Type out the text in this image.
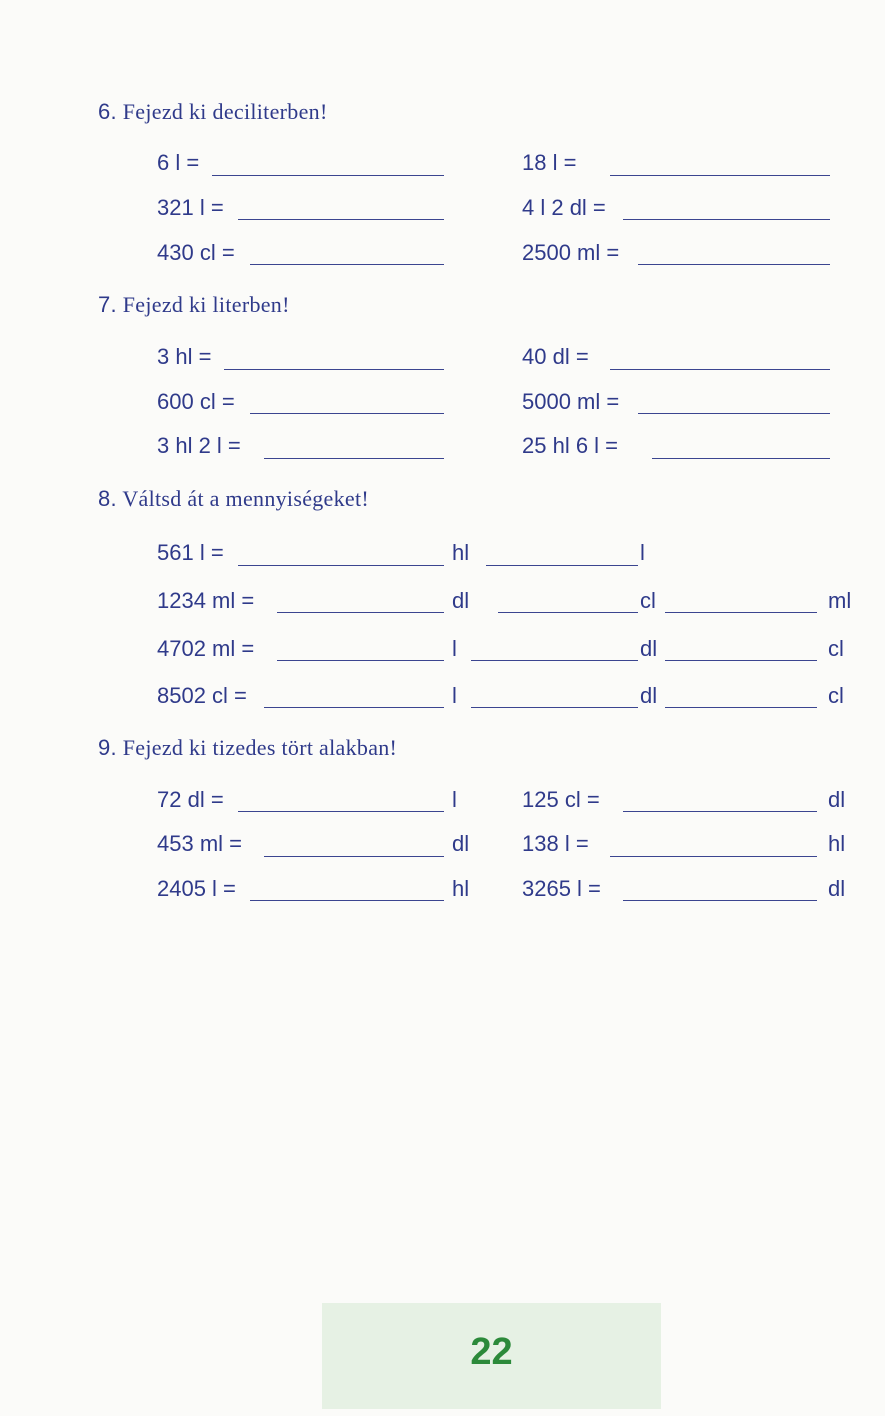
6. Fejezd ki deciliterben!
6 l =	18 l =
321 l =	4 l 2 dl =
430 cl =	2500 ml =
7. Fejezd ki literben!
3 hl =	40 dl =
600 cl =	5000 ml =
3 hl 2 l =	25 hl 6 l =
8. Váltsd át a mennyiségeket!
561 l =	hl	l
1234 ml =	dl	cl	ml
4702 ml =	l	dl	cl
8502 cl =	l	dl	cl
9. Fejezd ki tizedes tört alakban!
72 dl =	l	125 cl =	dl
453 ml =	dl 138 l =	hl
2405 l =	hl 3265 l =	dl
22
